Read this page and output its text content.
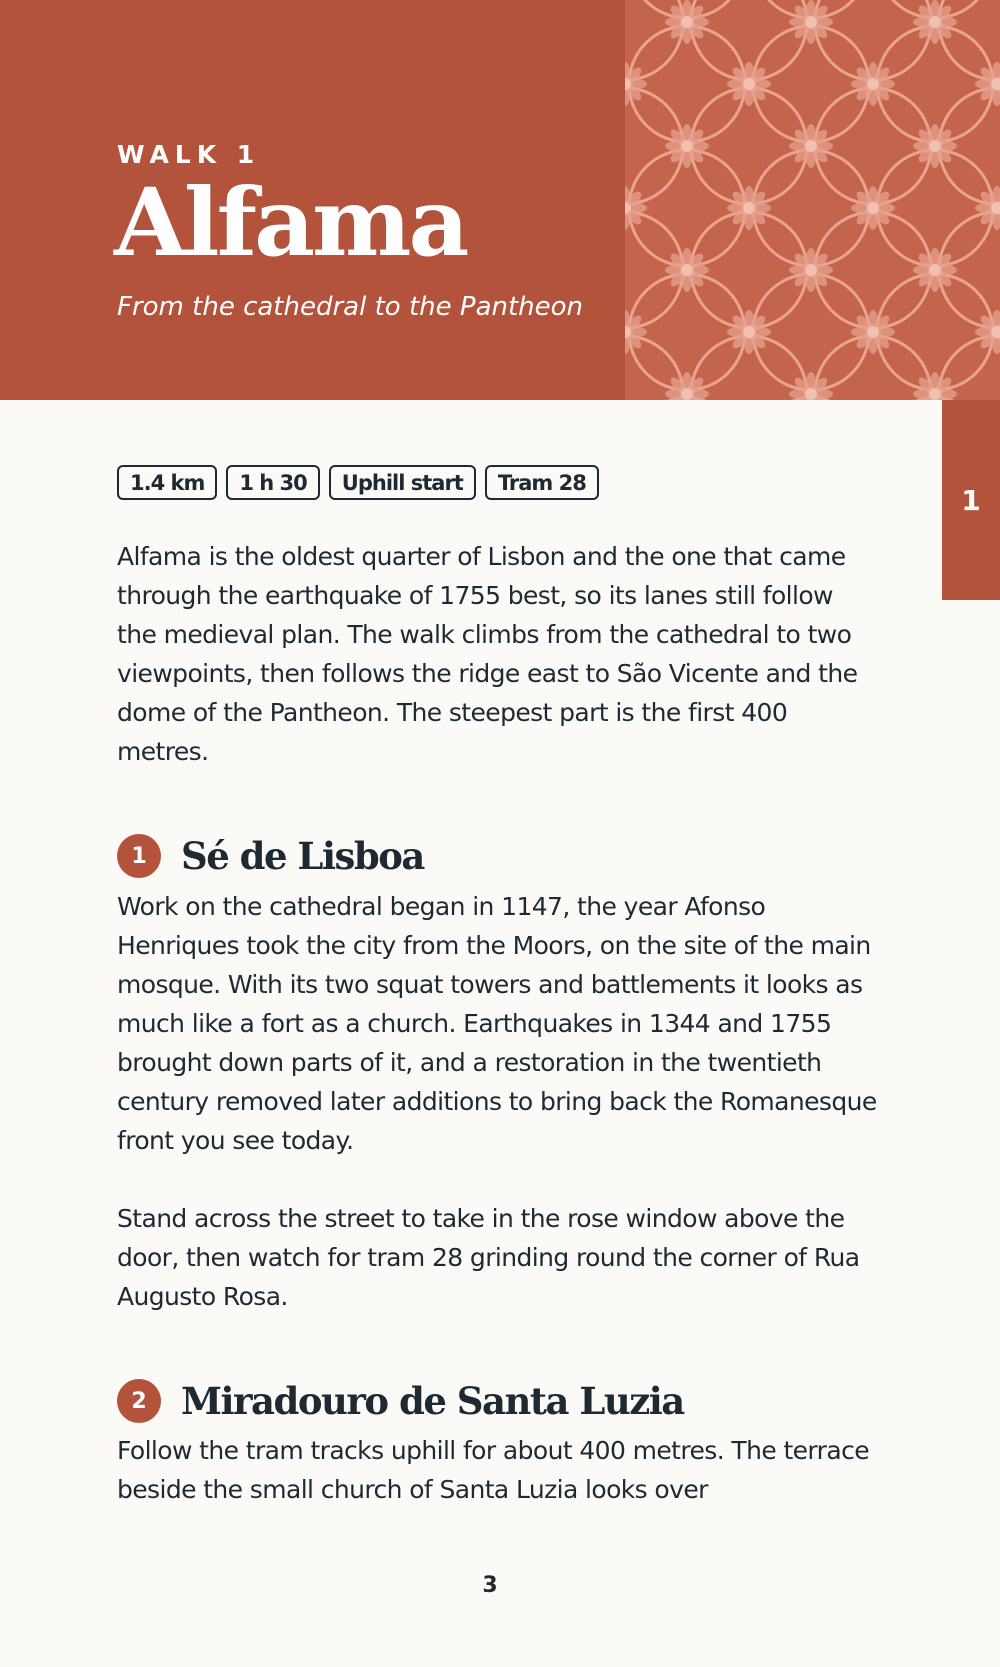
WALK 1
Alfama
From the cathedral to the Pantheon
1
1.4 km	1 h 30	Uphill start	Tram 28

Alfama is the oldest quarter of Lisbon and the one that came through the earthquake of 1755 best, so its lanes still follow the medieval plan. The walk climbs from the cathedral to two viewpoints, then follows the ridge east to São Vicente and the dome of the Pantheon. The steepest part is the first 400 metres.

1 Sé de Lisboa

Work on the cathedral began in 1147, the year Afonso Henriques took the city from the Moors, on the site of the main mosque. With its two squat towers and battlements it looks as much like a fort as a church. Earthquakes in 1344 and 1755 brought down parts of it, and a restoration in the twentieth century removed later additions to bring back the Romanesque front you see today.

Stand across the street to take in the rose window above the door, then watch for tram 28 grinding round the corner of Rua Augusto Rosa.

2 Miradouro de Santa Luzia

Follow the tram tracks uphill for about 400 metres. The terrace beside the small church of Santa Luzia looks over

3
